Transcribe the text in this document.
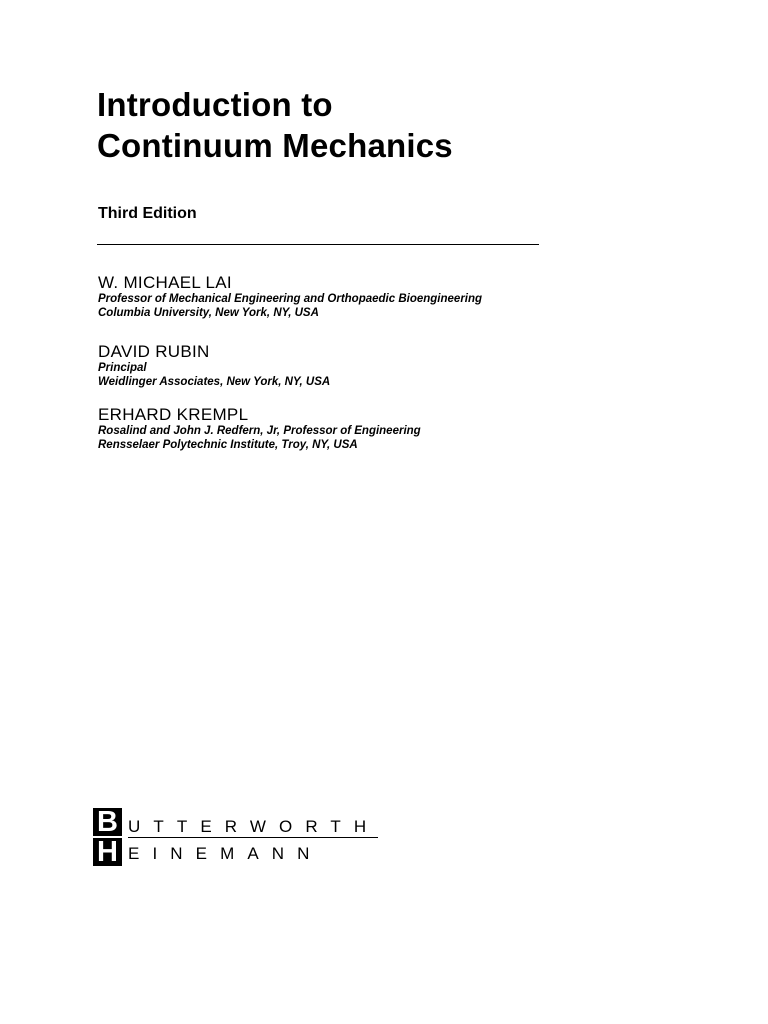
Introduction to
Continuum Mechanics
Third Edition
W. MICHAEL LAI
Professor of Mechanical Engineering and Orthopaedic Bioengineering
Columbia University, New York, NY, USA
DAVID RUBIN
Principal
Weidlinger Associates, New York, NY, USA
ERHARD KREMPL
Rosalind and John J. Redfern, Jr, Professor of Engineering
Rensselaer Polytechnic Institute, Troy, NY, USA
B UTTERWORTH
H EINEMANN
